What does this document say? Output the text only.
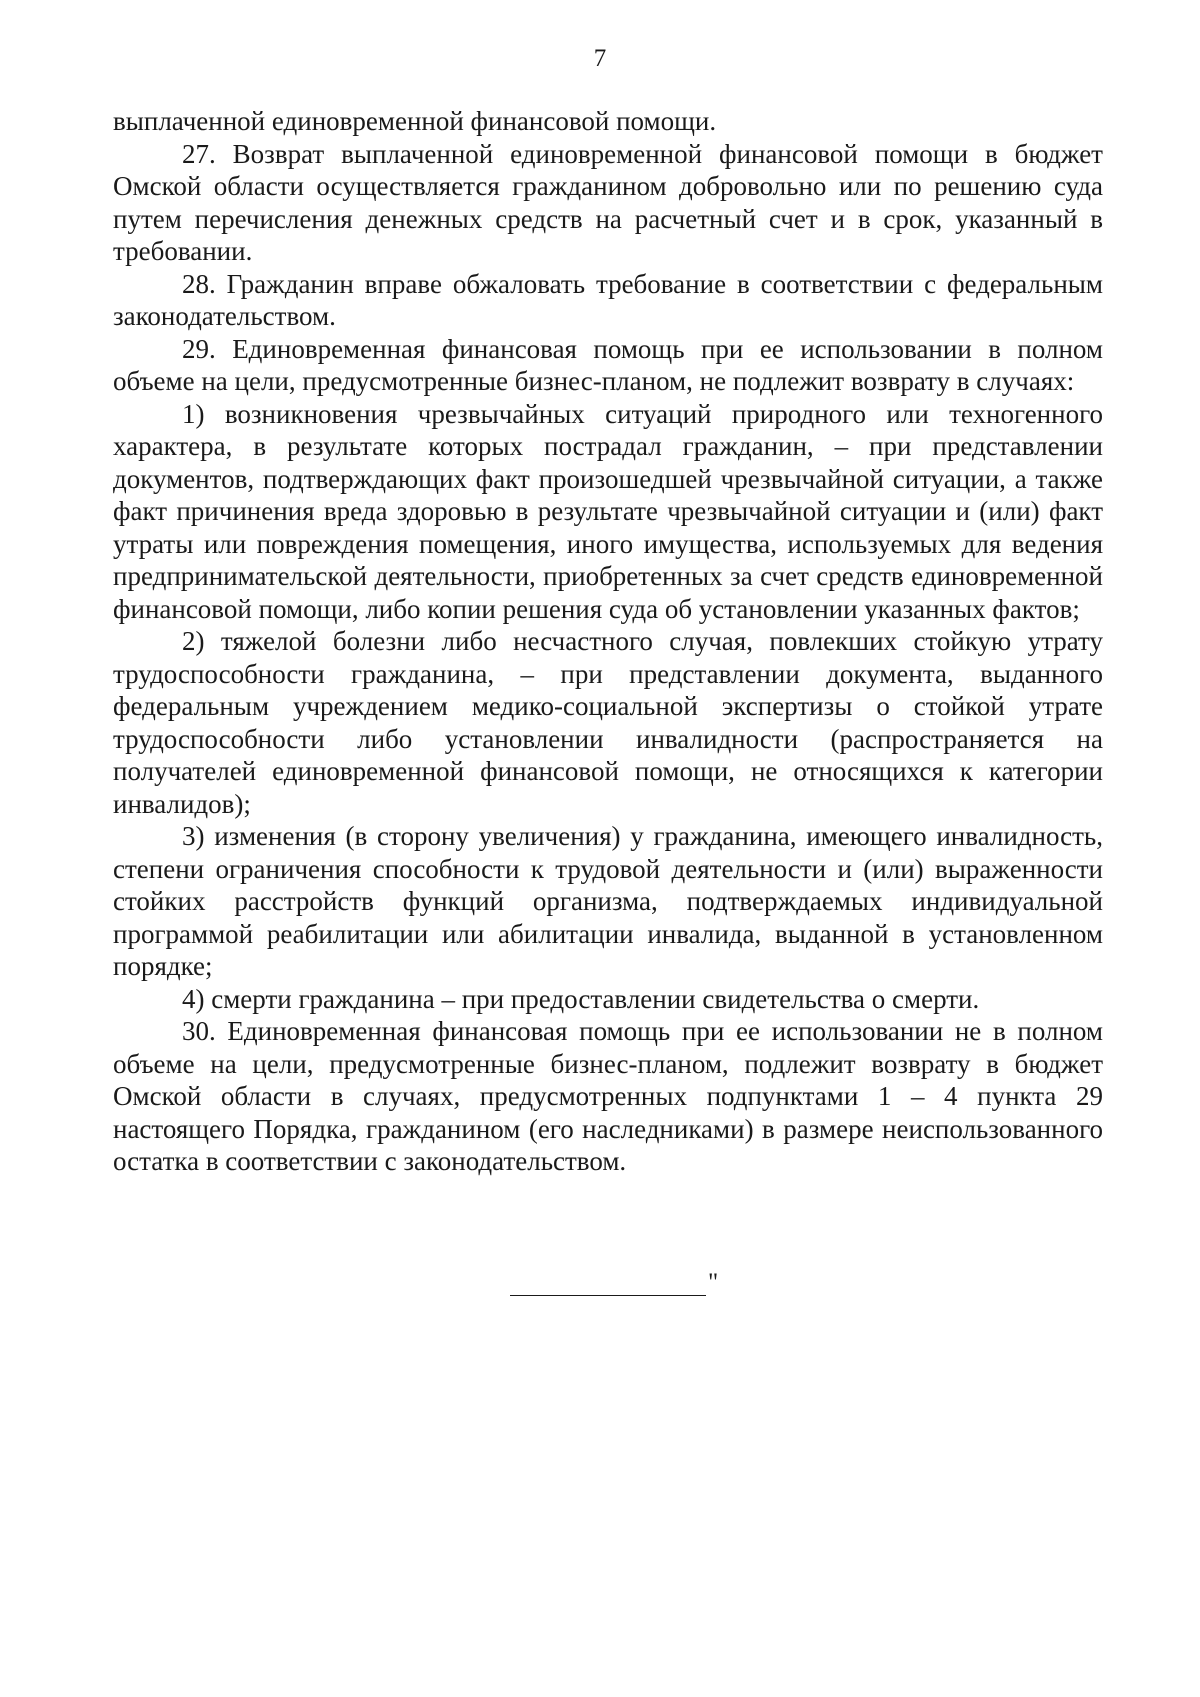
7

выплаченной единовременной финансовой помощи.

27. Возврат выплаченной единовременной финансовой помощи в бюджет Омской области осуществляется гражданином добровольно или по решению суда путем перечисления денежных средств на расчетный счет и в срок, указанный в требовании.

28. Гражданин вправе обжаловать требование в соответствии с федеральным законодательством.

29. Единовременная финансовая помощь при ее использовании в полном объеме на цели, предусмотренные бизнес-планом, не подлежит возврату в случаях:

1) возникновения чрезвычайных ситуаций природного или техногенного характера, в результате которых пострадал гражданин, – при представлении документов, подтверждающих факт произошедшей чрезвычайной ситуации, а также факт причинения вреда здоровью в результате чрезвычайной ситуации и (или) факт утраты или повреждения помещения, иного имущества, используемых для ведения предпринимательской деятельности, приобретенных за счет средств единовременной финансовой помощи, либо копии решения суда об установлении указанных фактов;

2) тяжелой болезни либо несчастного случая, повлекших стойкую утрату трудоспособности гражданина, – при представлении документа, выданного федеральным учреждением медико-социальной экспертизы о стойкой утрате трудоспособности либо установлении инвалидности (распространяется на получателей единовременной финансовой помощи, не относящихся к категории инвалидов);

3) изменения (в сторону увеличения) у гражданина, имеющего инвалидность, степени ограничения способности к трудовой деятельности и (или) выраженности стойких расстройств функций организма, подтверждаемых индивидуальной программой реабилитации или абилитации инвалида, выданной в установленном порядке;

4) смерти гражданина – при предоставлении свидетельства о смерти.

30. Единовременная финансовая помощь при ее использовании не в полном объеме на цели, предусмотренные бизнес-планом, подлежит возврату в бюджет Омской области в случаях, предусмотренных подпунктами 1 – 4 пункта 29 настоящего Порядка, гражданином (его наследниками) в размере неиспользованного остатка в соответствии с законодательством.

"
